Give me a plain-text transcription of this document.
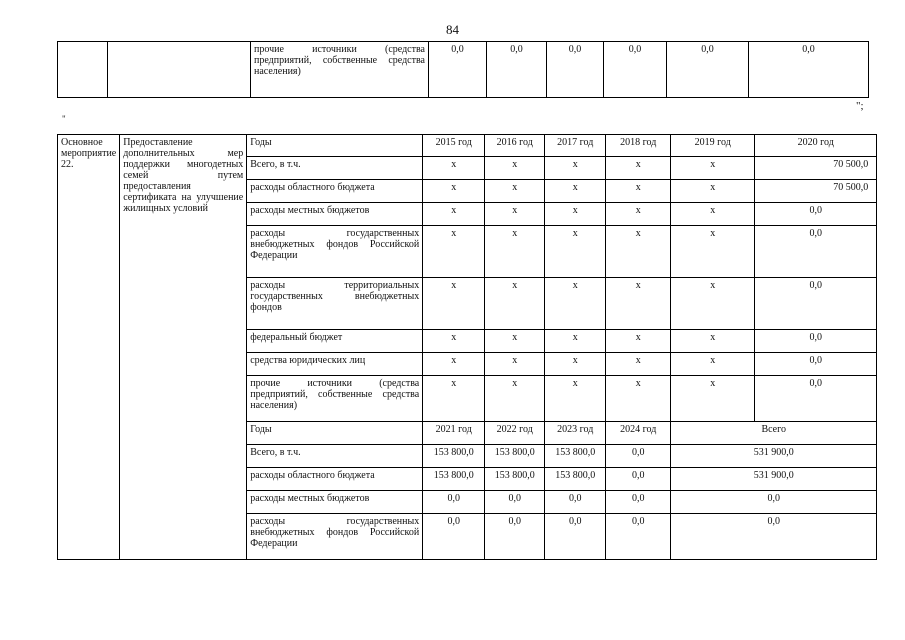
84
		прочие источники (средства предприятий, собственные средства населения)	0,0	0,0	0,0	0,0	0,0	0,0
";
"
Основное мероприятие 22.	Предоставление дополнительных мер поддержки многодетных семей путем предоставления сертификата на улучшение жилищных условий	Годы	2015 год	2016 год	2017 год	2018 год	2019 год	2020 год
		Всего, в т.ч.	х	х	х	х	х	70 500,0
		расходы областного бюджета	х	х	х	х	х	70 500,0
		расходы местных бюджетов	х	х	х	х	х	0,0
		расходы государственных внебюджетных фондов Российской Федерации	х	х	х	х	х	0,0
		расходы территориальных государственных внебюджетных фондов	х	х	х	х	х	0,0
		федеральный бюджет	х	х	х	х	х	0,0
		средства юридических лиц	х	х	х	х	х	0,0
		прочие источники (средства предприятий, собственные средства населения)	х	х	х	х	х	0,0
		Годы	2021 год	2022 год	2023 год	2024 год	Всего	
		Всего, в т.ч.	153 800,0	153 800,0	153 800,0	0,0	531 900,0	
		расходы областного бюджета	153 800,0	153 800,0	153 800,0	0,0	531 900,0	
		расходы местных бюджетов	0,0	0,0	0,0	0,0	0,0	
		расходы государственных внебюджетных фондов Российской Федерации	0,0	0,0	0,0	0,0	0,0	
